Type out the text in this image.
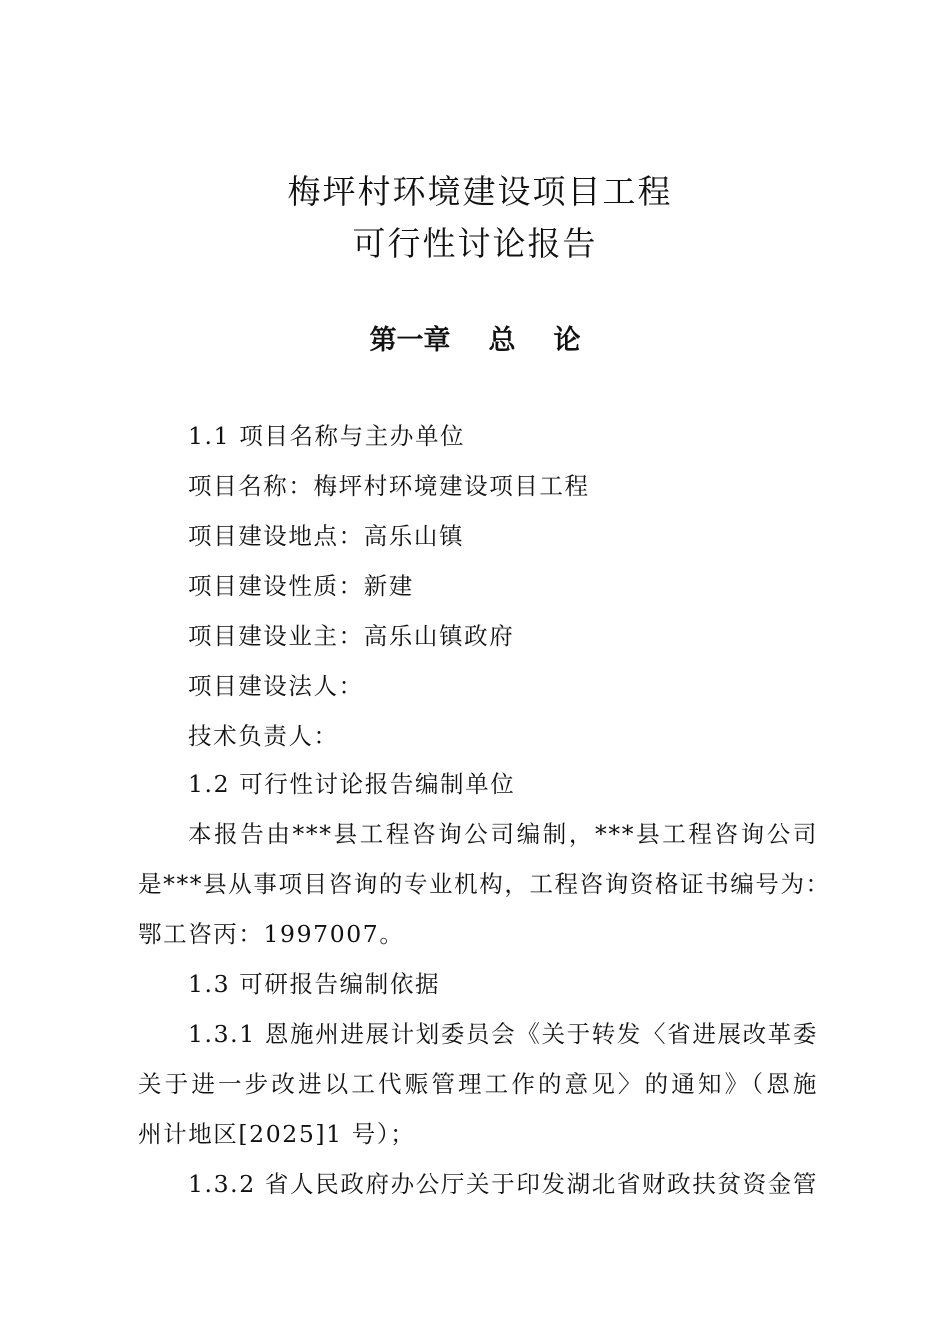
梅坪村环境建设项目工程
可行性讨论报告
第一章 总 论
1.1 项目名称与主办单位
项目名称：梅坪村环境建设项目工程
项目建设地点：高乐山镇
项目建设性质：新建
项目建设业主：高乐山镇政府
项目建设法人：
技术负责人：
1.2 可行性讨论报告编制单位
本报告由***县工程咨询公司编制，***县工程咨询公司
是***县从事项目咨询的专业机构，工程咨询资格证书编号为：
鄂工咨丙：1997007。
1.3 可研报告编制依据
1.3.1 恩施州进展计划委员会《关于转发〈省进展改革委
关于进一步改进以工代赈管理工作的意见〉的通知》（恩施
州计地区[2025]1 号）；
1.3.2 省人民政府办公厅关于印发湖北省财政扶贫资金管
